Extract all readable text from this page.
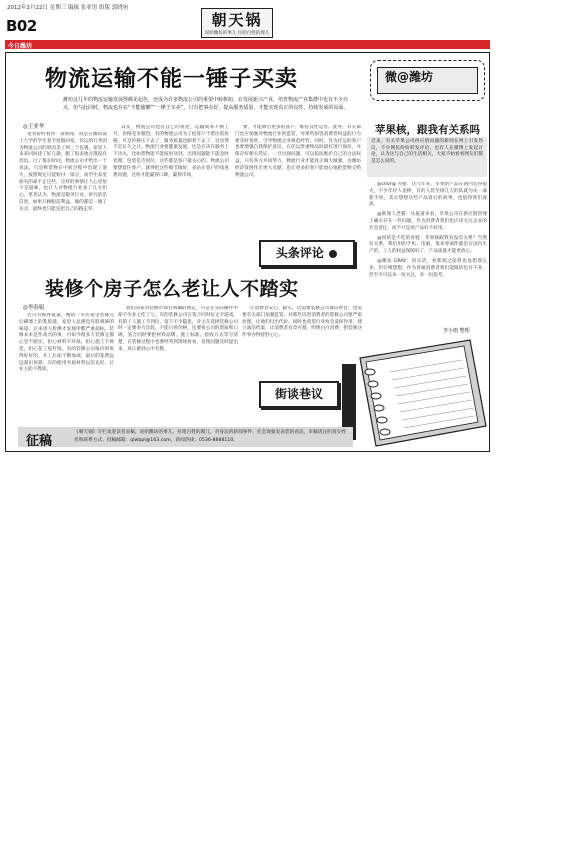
2012年2月22日 星期三 编辑 张亚男 组版 郭晓宛
B02	朝天锅
说咱潍坊的事儿 拉咱百姓的理儿
今日潍坊
物流运输不能一锤子买卖
潍坊这几年的物流运输发展得颇见起色，还成为许多物流公司的重要中转枢纽，在发展新兴产业，培育物流产业集群中也有不少亮点，但与此同时，物流也存在“不能偷懒”“一锤子买卖”，只有把事办好，提高服务质量，才能实现真正的良性，持续发展的局面。
◎王亚华

笔者曾经看到一条新闻，说是在潍坊谋上大学的学生春节放假回家，托运的行李因为物流公司的原因丢了两三个包裹，家里人来来回回找了好几趟，跑了很多地方都没有消息。过了很长时间，物流公司才给出一个说法，只是称货物在中转过程中出现了遗失，按照规定只能赔付一部分，而学生家里损失的却不止这些。这样的事情让人心里很不是滋味，也让人对物流行业多了几分担心。笔者认为，物流是服务行业，讲究的是信誉，如果只顾眼前利益，做的都是一锤子买卖，最终也只能是把自己的路走窄。

其实，物流公司也有自己的难处，运输成本不断上升，价格竞争激烈，有的物流公司为了抢客户不惜压低价格，可是价格压下去了，服务质量也跟着下去了，这显然不是长久之计。物流行业要健康发展，还是应该在服务上下功夫，比如货物能不能按时送到，出现问题能不能及时处理，包装是否到位，这些都是客户最关心的。物流公司要想留住客户，就得把这些细节做好，多站在客户的角度想问题，这样才能赢得口碑，赢得市场。

要，才能吸引更多的客户，维持良性运营。此外，有关部门也应加强对物流行业的监管，对那些损害消费者权益的行为要及时查处，引导物流企业规范经营。同时，作为托运的客户也要增强自我保护意识，在托运贵重物品时最好进行保价，并保存好相关凭证，一旦出现问题，可以依法维护自己的合法权益。只有各方共同努力，物流行业才能真正做大做强，为潍坊经济发展作出更大贡献，也让更多的客户能放心地把货物交给物流公司。

头条评论
装修个房子怎么老让人不踏实
◎李春娟

近日有媒体报道，潍坊一市民家里装修完后刷墙上的乳胶漆，家里人总感觉有股刺鼻的味道，后来请人检测才发现甲醛严重超标。装修本来是件高兴的事，可如今很多人装修完都心里不踏实，担心材料不环保，担心施工不规范，担心花了冤枉钱。有的装修公司报价时说得好好的，开工后却不断加项，最后的花费远远超出预算；有的使用劣质材料以次充好，让业主防不胜防。

我们国家对装修市场有明确的规定，可是在实际操作中却不少业主吃了亏。有的装修公司在签合同时玩文字游戏，有的工人施工不到位，留下不少隐患。业主在选择装修公司时一定要多方比较，不能只看价格，还要看公司的资质和口碑，签合同时要把材料品牌、施工标准、验收方式等写清楚，在装修过程中也要经常到现场看看，发现问题及时提出来，真正做到心中有数。

让消费者安心、踏实，这需要装修公司诚信经营，也需要有关部门加强监管。对那些坑害消费者的装修公司要严肃处理，让他们付出代价。同时也希望行业协会发挥作用，建立诚信档案，让消费者有章可循，明明白白消费，把装修这件事办得舒舒心心。

街谈巷议
微@潍坊
苹果核，跟我有关系吗
近来，有关苹果公司供应链问题的新闻在网上引发热议，不少网民纷纷转发评论，也有人在微博上发起讨论，认为这与自己的生活相关，大家不妨看看网友们都是怎么说的。

@chong 为猪：这几年来，苹果的产品在国内卖得很火，不少年轻人追捧，有的人甚至排几天的队就为买一部新手机，其实想想这些产品背后的故事，也值得我们深思。

@新闻人老猫：从报道来看，苹果公司在供应链管理上确实存在一些问题，作为消费者我们也应该关注企业的社会责任，而不只是看产品好不好用。

@说的是不吃的青蛙：苹果核跟我有没有关系？当然有关系，我们用的手机、电脑，很多零部件都是在国内生产的，工人的权益保障好了，产品质量才能更放心。

@潍坊 GRAY：说实话，看新闻之前我也没想那么多，但仔细想想，作为普通消费者我们能做的也许不多，但至少可以多一份关注，多一份思考。

李小雨 整理
征稿
《朝天锅》专栏欢迎读者来稿，说咱潍坊的事儿、拉咱百姓的理儿，对身边的新闻事件、社会现象发表您的看法，来稿请注明真实姓名和联系方式。投稿邮箱：qlwbpl@163.com，新闻热线：0536-8888110。
